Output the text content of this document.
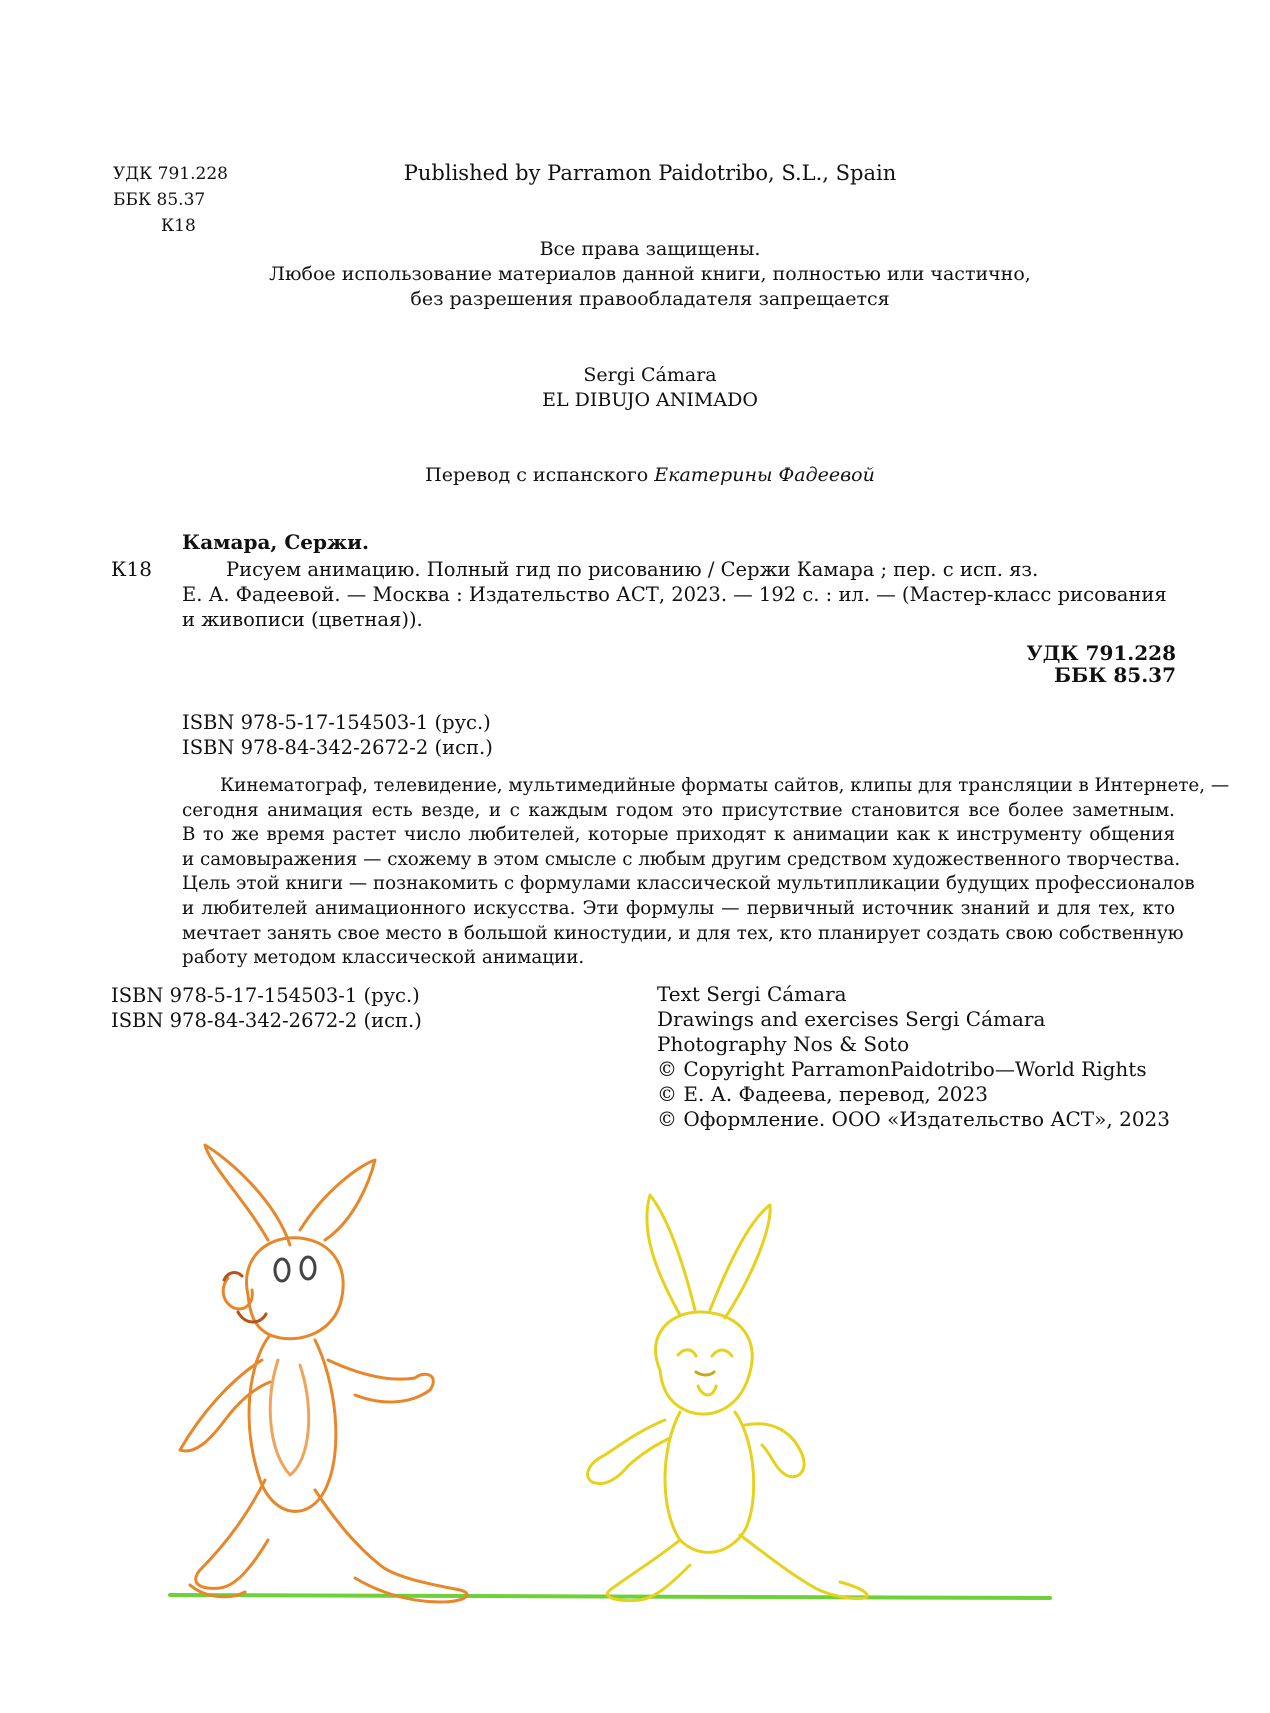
УДК 791.228
ББК 85.37
К18
Published by Parramon Paidotribo, S.L., Spain
Все права защищены.
Любое использование материалов данной книги, полностью или частично,
без разрешения правообладателя запрещается
Sergi Cámara
EL DIBUJO ANIMADO
Перевод с испанского Екатерины Фадеевой
Камара, Сержи.
К18	Рисуем анимацию. Полный гид по рисованию / Сержи Камара ; пер. с исп. яз.
Е. А. Фадеевой. — Москва : Издательство АСТ, 2023. — 192 с. : ил. — (Мастер-класс рисования
и живописи (цветная)).
УДК 791.228
ББК 85.37
ISBN 978-5-17-154503-1 (рус.)
ISBN 978-84-342-2672-2 (исп.)
Кинематограф, телевидение, мультимедийные форматы сайтов, клипы для трансляции в Интернете, —
сегодня анимация есть везде, и с каждым годом это присутствие становится все более заметным.
В то же время растет число любителей, которые приходят к анимации как к инструменту общения
и самовыражения — схожему в этом смысле с любым другим средством художественного творчества.
Цель этой книги — познакомить с формулами классической мультипликации будущих профессионалов
и любителей анимационного искусства. Эти формулы — первичный источник знаний и для тех, кто
мечтает занять свое место в большой киностудии, и для тех, кто планирует создать свою собственную
работу методом классической анимации.
ISBN 978-5-17-154503-1 (рус.)
ISBN 978-84-342-2672-2 (исп.)
Text Sergi Cámara
Drawings and exercises Sergi Cámara
Photography Nos & Soto
© Copyright ParramonPaidotribo—World Rights
© Е. А. Фадеева, перевод, 2023
© Оформление. ООО «Издательство АСТ», 2023
